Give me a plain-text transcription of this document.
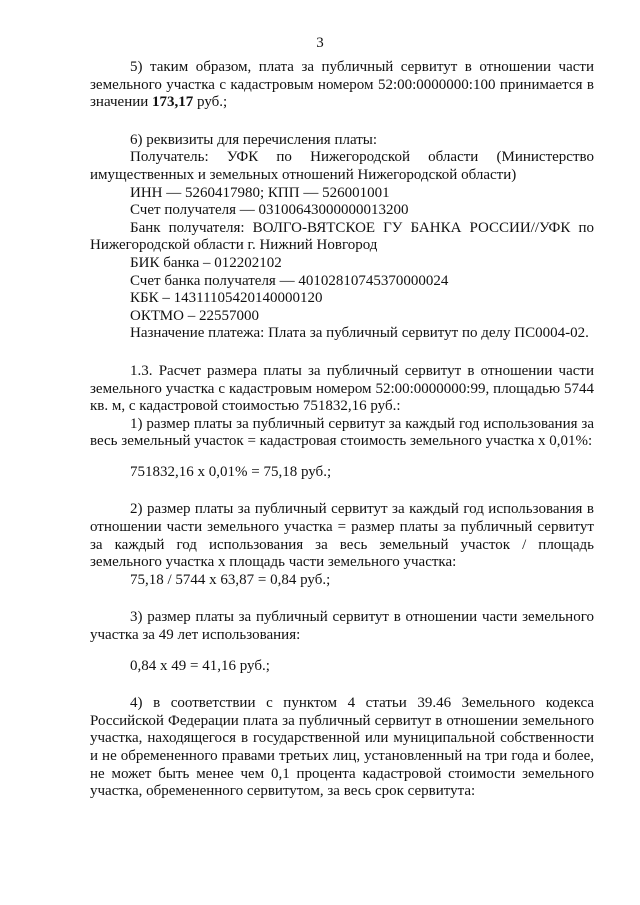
3

5) таким образом, плата за публичный сервитут в отношении части земельного участка с кадастровым номером 52:00:0000000:100 принимается в значении 173,17 руб.;

6) реквизиты для перечисления платы:

Получатель: УФК по Нижегородской области (Министерство имущественных и земельных отношений Нижегородской области)

ИНН — 5260417980; КПП — 526001001

Счет получателя — 03100643000000013200

Банк получателя: ВОЛГО-ВЯТСКОЕ ГУ БАНКА РОССИИ//УФК по Нижегородской области г. Нижний Новгород

БИК банка – 012202102

Счет банка получателя — 40102810745370000024

КБК – 14311105420140000120

ОКТМО – 22557000

Назначение платежа: Плата за публичный сервитут по делу ПС0004-02.

1.3. Расчет размера платы за публичный сервитут в отношении части земельного участка с кадастровым номером 52:00:0000000:99, площадью 5744 кв. м, с кадастровой стоимостью 751832,16 руб.:

1) размер платы за публичный сервитут за каждый год использования за весь земельный участок = кадастровая стоимость земельного участка х 0,01%:

751832,16 х 0,01% = 75,18 руб.;

2) размер платы за публичный сервитут за каждый год использования в отношении части земельного участка = размер платы за публичный сервитут за каждый год использования за весь земельный участок / площадь земельного участка х площадь части земельного участка:

75,18 / 5744 х 63,87 = 0,84 руб.;

3) размер платы за публичный сервитут в отношении части земельного участка за 49 лет использования:

0,84 х 49 = 41,16 руб.;

4) в соответствии с пунктом 4 статьи 39.46 Земельного кодекса Российской Федерации плата за публичный сервитут в отношении земельного участка, находящегося в государственной или муниципальной собственности и не обремененного правами третьих лиц, установленный на три года и более, не может быть менее чем 0,1 процента кадастровой стоимости земельного участка, обремененного сервитутом, за весь срок сервитута:
